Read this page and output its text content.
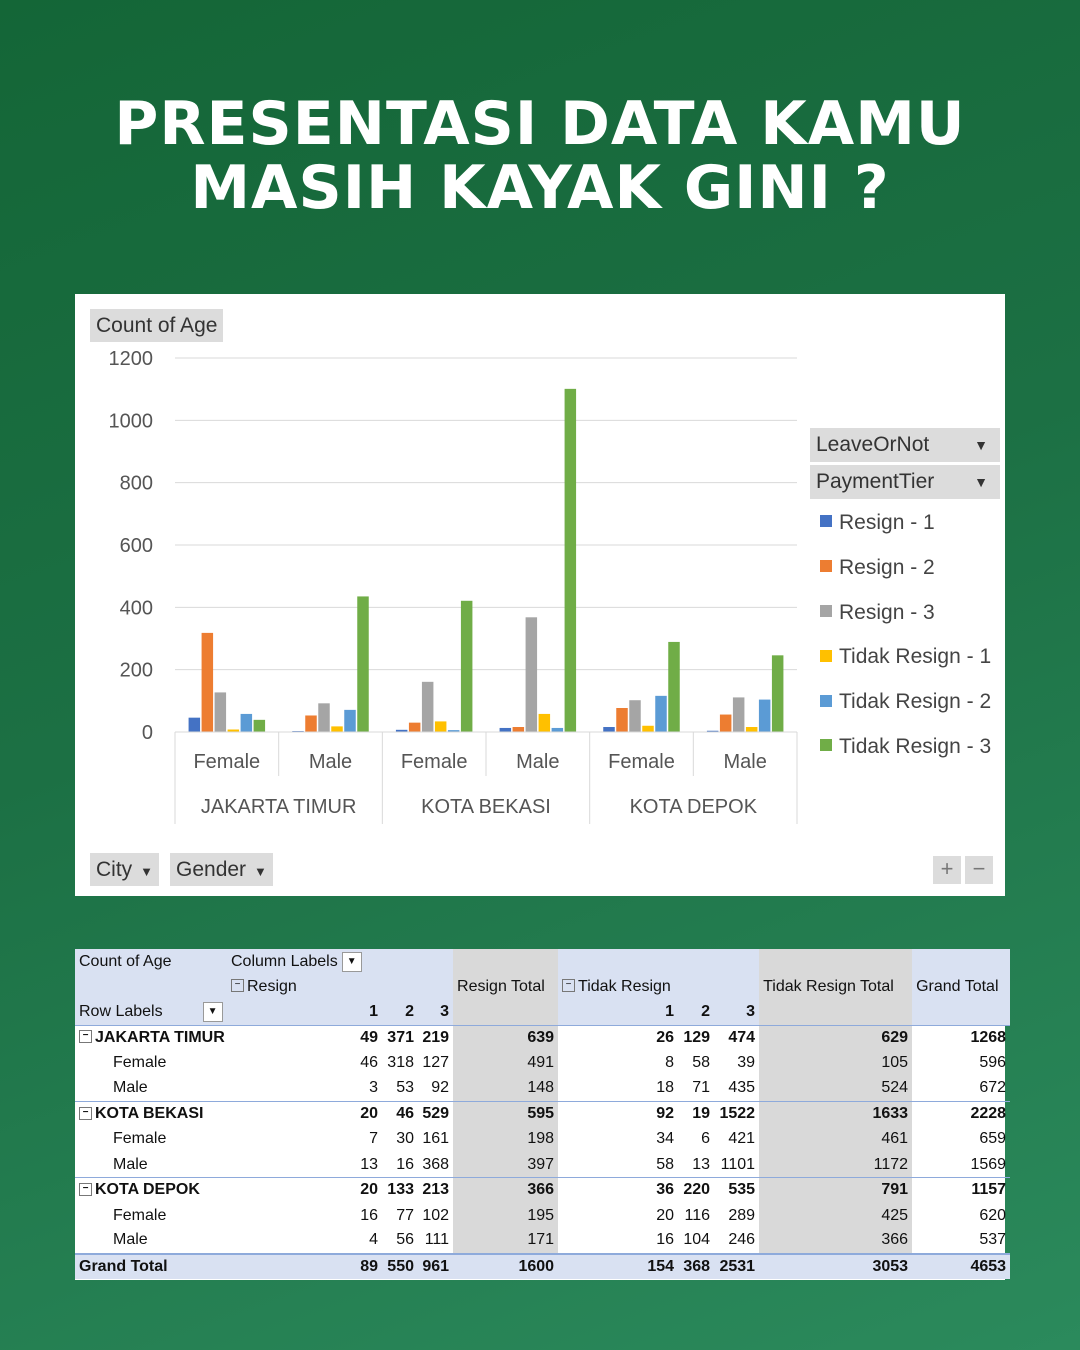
PRESENTASI DATA KAMU
MASIH KAYAK GINI ?
Count of Age
0
200
400
600
800
1000
1200
Female Male Female Male Female Male
JAKARTA TIMUR	KOTA BEKASI	KOTA DEPOK
LeaveOrNot	▼
PaymentTier	▼
Resign - 1
Resign - 2
Resign - 3
Tidak Resign - 1
Tidak Resign - 2
Tidak Resign - 3
City ▼ Gender ▼	+ −
Count of Age	Column Labels ▼									
	− Resign				Resign Total	− Tidak Resign			Tidak Resign Total	Grand Total
Row Labels ▼		1	2	3		1	2	3		
− JAKARTA TIMUR		49	371	219	639	26	129	474	629	1268
Female		46	318	127	491	8	58	39	105	596
Male		3	53	92	148	18	71	435	524	672
− KOTA BEKASI		20	46	529	595	92	19	1522	1633	2228
Female		7	30	161	198	34	6	421	461	659
Male		13	16	368	397	58	13	1101	1172	1569
− KOTA DEPOK		20	133	213	366	36	220	535	791	1157
Female		16	77	102	195	20	116	289	425	620
Male		4	56	111	171	16	104	246	366	537
Grand Total		89	550	961	1600	154	368	2531	3053	4653
